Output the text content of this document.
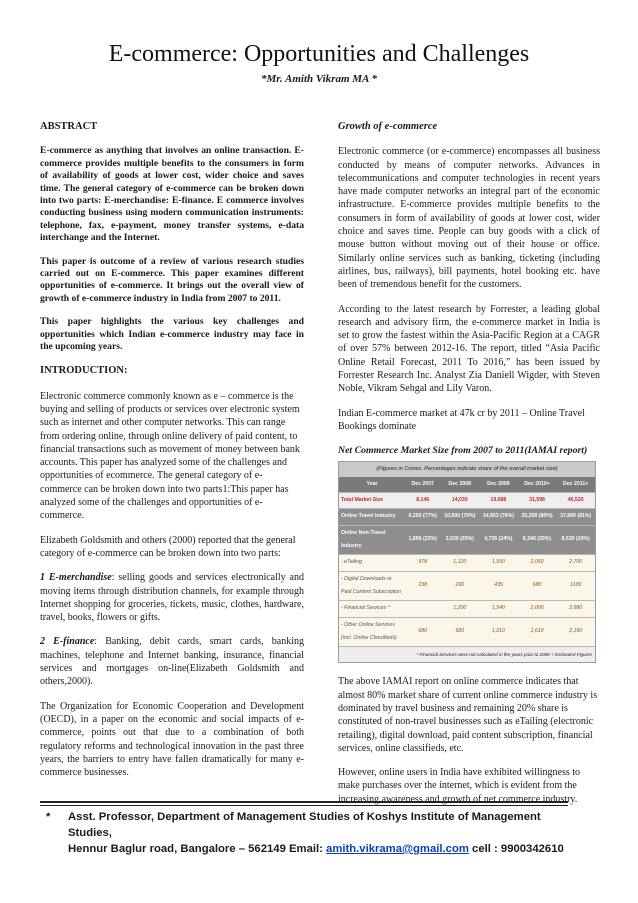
E-commerce: Opportunities and Challenges
*Mr. Amith Vikram MA *
ABSTRACT

E-commerce as anything that involves an online transaction. E-commerce provides multiple benefits to the consumers in form of availability of goods at lower cost, wider choice and saves time. The general category of e-commerce can be broken down into two parts: E-merchandise: E-finance. E commerce involves conducting business using modern communication instruments: telephone, fax, e-payment, money transfer systems, e-data interchange and the Internet.

This paper is outcome of a review of various research studies carried out on E-commerce. This paper examines different opportunities of e-commerce. It brings out the overall view of growth of e-commerce industry in India from 2007 to 2011.

This paper highlights the various key challenges and opportunities which Indian e-commerce industry may face in the upcoming years.

INTRODUCTION:

Electronic commerce commonly known as e – commerce is the buying and selling of products or services over electronic system such as internet and other computer networks. This can range from ordering online, through online delivery of paid content, to financial transactions such as movement of money between bank accounts. This paper has analyzed some of the challenges and opportunities of ecommerce. The general category of e-commerce can be broken down into two parts1:This paper has analyzed some of the challenges and opportunities of e-commerce.

Elizabeth Goldsmith and others (2000) reported that the general category of e-commerce can be broken down into two parts:

1 E-merchandise: selling goods and services electronically and moving items through distribution channels, for example through Internet shopping for groceries, tickets, music, clothes, hardware, travel, books, flowers or gifts.

2 E-finance: Banking, debit cards, smart cards, banking machines, telephone and Internet banking, insurance, financial services and mortgages on-line(Elizabeth Goldsmith and others,2000).

The Organization for Economic Cooperation and Development (OECD), in a paper on the economic and social impacts of e-commerce, points out that due to a combination of both regulatory reforms and technological innovation in the past three years, the barriers to entry have fallen dramatically for many e-commerce businesses.

Growth of e-commerce

Electronic commerce (or e-commerce) encompasses all business conducted by means of computer networks. Advances in telecommunications and computer technologies in recent years have made computer networks an integral part of the economic infrastructure. E-commerce provides multiple benefits to the consumers in form of availability of goods at lower cost, wider choice and saves time. People can buy goods with a click of mouse button without moving out of their house or office. Similarly online services such as banking, ticketing (including airlines, bus, railways), bill payments, hotel booking etc. have been of tremendous benefit for the customers.

According to the latest research by Forrester, a leading global research and advisory firm, the e-commerce market in India is set to grow the fastest within the Asia-Pacific Region at a CAGR of over 57% between 2012-16. The report, titled “Asia Pacific Online Retail Forecast, 2011 To 2016,” has been issued by Forrester Research Inc. Analyst Zia Daniell Wigder, with Steven Noble, Vikram Sehgal and Lily Varon.

Indian E-commerce market at 47k cr by 2011 – Online Travel Bookings dominate

Net Commerce Market Size from 2007 to 2011(IAMAI report)

(Figures in Crores. Percentages indicate share of the overall market size)
Year	Dec 2007	Dec 2008	Dec 2009	Dec 2010+	Dec 2011+
Total Market Size	8,146	14,030	19,688	31,598	46,520
Online Travel Industry	6,250 (77%)	10,500 (75%)	14,953 (76%)	25,258 (80%)	37,890 (81%)
Online Non-Travel Industry	1,896 (23%)	3,530 (25%)	4,735 (24%)	6,340 (20%)	8,630 (19%)
- eTailing	978	1,120	1,550	2,050	2,700
- Digital Downloads or Paid Content Subscription	238	290	435	680	1100
- Financial Services *		1,200	1,540	2,000	2,680
- Other Online Services (incl. Online Classifieds)	680	920	1,210	1,610	2,150
* Financial Services were not calculated in the years prior to 2008 + Estimated Figures

The above IAMAI report on online commerce indicates that almost 80% market share of current online commerce industry is dominated by travel business and remaining 20% share is constituted of non-travel businesses such as eTailing (electronic retailing), digital download, paid content subscription, financial services, online classifieds, etc.

However, online users in India have exhibited willingness to make purchases over the internet, which is evident from the increasing awareness and growth of net commerce industry.

* Asst. Professor, Department of Management Studies of Koshys Institute of Management Studies,
Hennur Baglur road, Bangalore – 562149 Email: amith.vikrama@gmail.com cell : 9900342610
